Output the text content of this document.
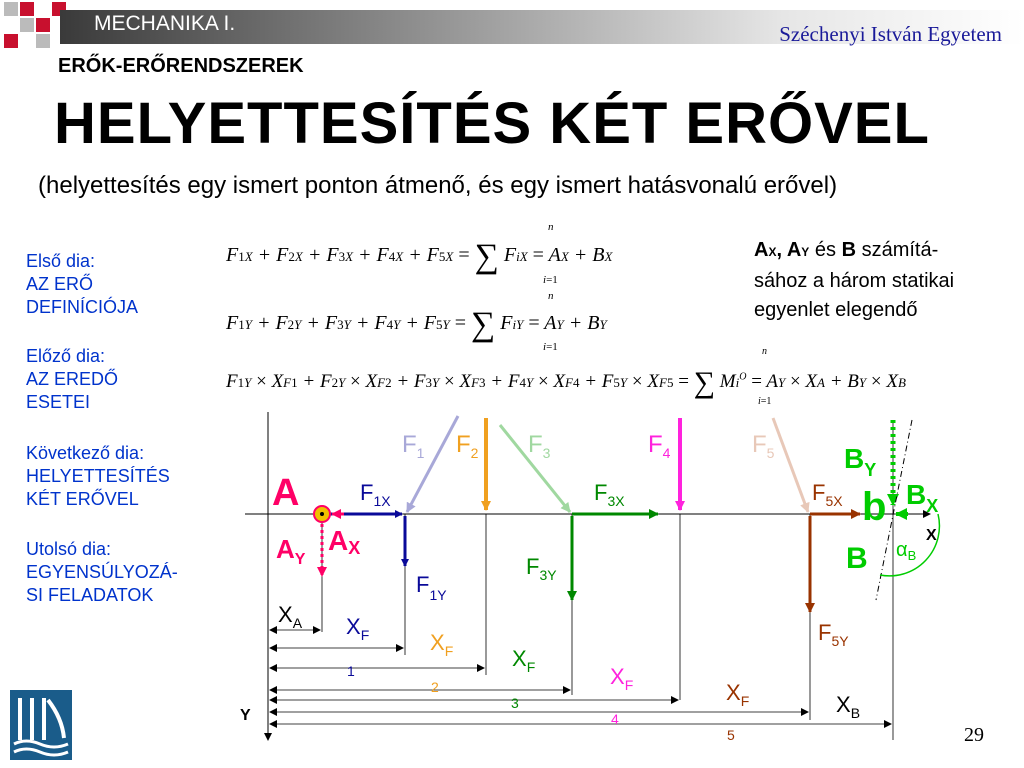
MECHANIKA I.	Széchenyi István Egyetem
ERŐK-ERŐRENDSZEREK
HELYETTESÍTÉS KÉT ERŐVEL
(helyettesítés egy ismert ponton átmenő, és egy ismert hatásvonalú erővel)
Első dia:
AZ ERŐ
DEFINÍCIÓJA
Előző dia:
AZ EREDŐ
ESETEI
Következő dia:
HELYETTESÍTÉS
KÉT ERŐVEL
Utolsó dia:
EGYENSÚLYOZÁ-
SI FELADATOK
F1X + F2X + F3X + F4X + F5X = ∑ FiX = AX + BX
n
i=1
F1Y + F2Y + F3Y + F4Y + F5Y = ∑ FiY = AY + BY
n
i=1
F1Y × XF1 + F2Y × XF2 + F3Y × XF3 + F4Y × XF4 + F5Y × XF5 = ∑ $Mi^O$ = AY × XA + BY × XB
n
i=1
AX, AY és B számítá-
sához a három statikai
egyenlet elegendő
A
AX
$A_Y$
$F_1$ $F_2$ $F_3$	$F_4$	$F_5$
$F_{1X}$
$F_{1Y}$
$F_{3X}$
$F_{3Y}$
$F_{5X}$
$F_{5Y}$
$B_Y$
b $B_X$
B $\alpha_B$
X
Y
$X_A$ $X_F$
1
$X_F$
2
$X_F$
3
$X_F$
4
$X_F$
5
$X_B$
29
